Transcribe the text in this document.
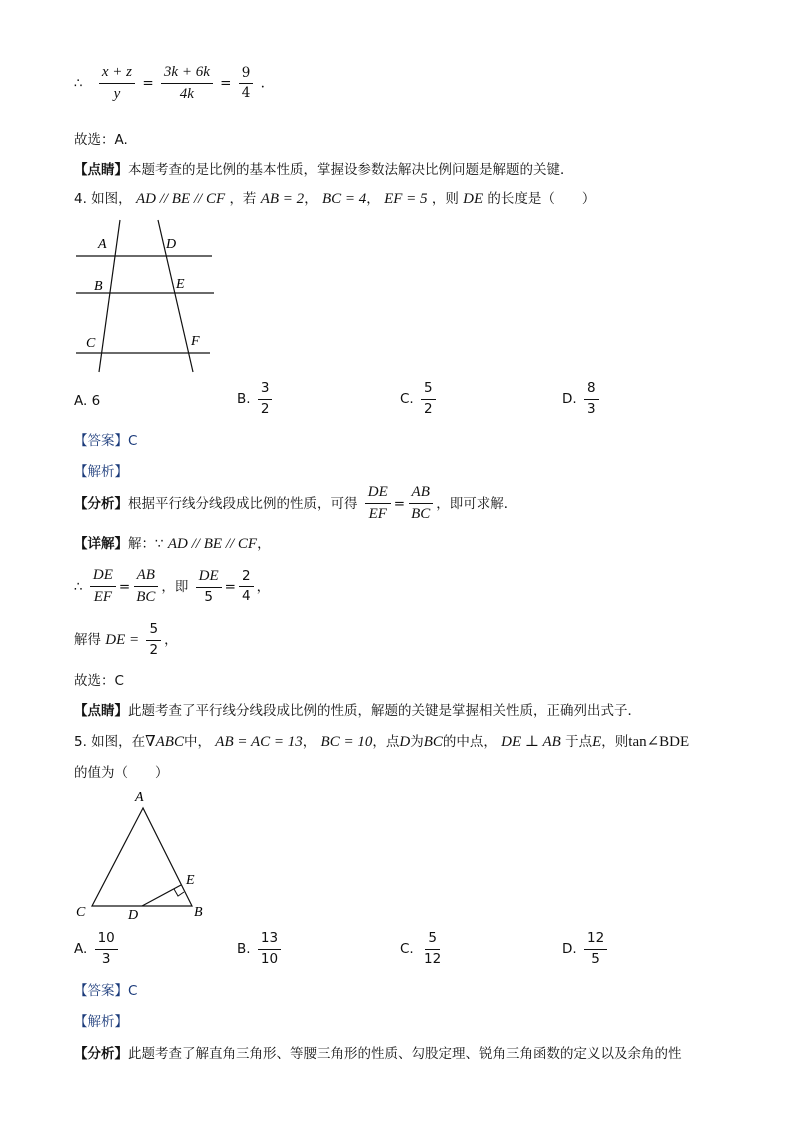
∴ $\frac{x + z}{y} = \frac{3k + 6k}{4k} = \frac{9}{4}$ .
故选：A.
【点睛】本题考查的是比例的基本性质，掌握设参数法解决比例问题是解题的关键．
4. 如图， AD // BE // CF ，若 AB = 2， BC = 4， EF = 5 ，则 DE 的长度是（　　）
A	D
B	E
C	F
A. 6	B. $\frac{3}{2}$	C. $\frac{5}{2}$	D. $\frac{8}{3}$
【答案】C
【解析】
【分析】根据平行线分线段成比例的性质，可得 $\frac{DE}{EF} = \frac{AB}{BC}$ ，即可求解．
【详解】解：∵ AD // BE // CF，
∴ $\frac{DE}{EF} = \frac{AB}{BC}$ ，即 $\frac{DE}{5} = \frac{2}{4}$ ，
解得 DE = $\frac{5}{2}$ ，
故选：C
【点睛】此题考查了平行线分线段成比例的性质，解题的关键是掌握相关性质，正确列出式子．
5. 如图，在∇ABC中， AB = AC = 13， BC = 10，点D为BC的中点， DE ⊥ AB 于点E，则tan∠BDE
的值为（　　）
A
C	D
E
B
A. $\frac{10}{3}$	B. $\frac{13}{10}$	C. $\frac{5}{12}$	D. $\frac{12}{5}$
【答案】C
【解析】
【分析】此题考查了解直角三角形、等腰三角形的性质、勾股定理、锐角三角函数的定义以及余角的性
